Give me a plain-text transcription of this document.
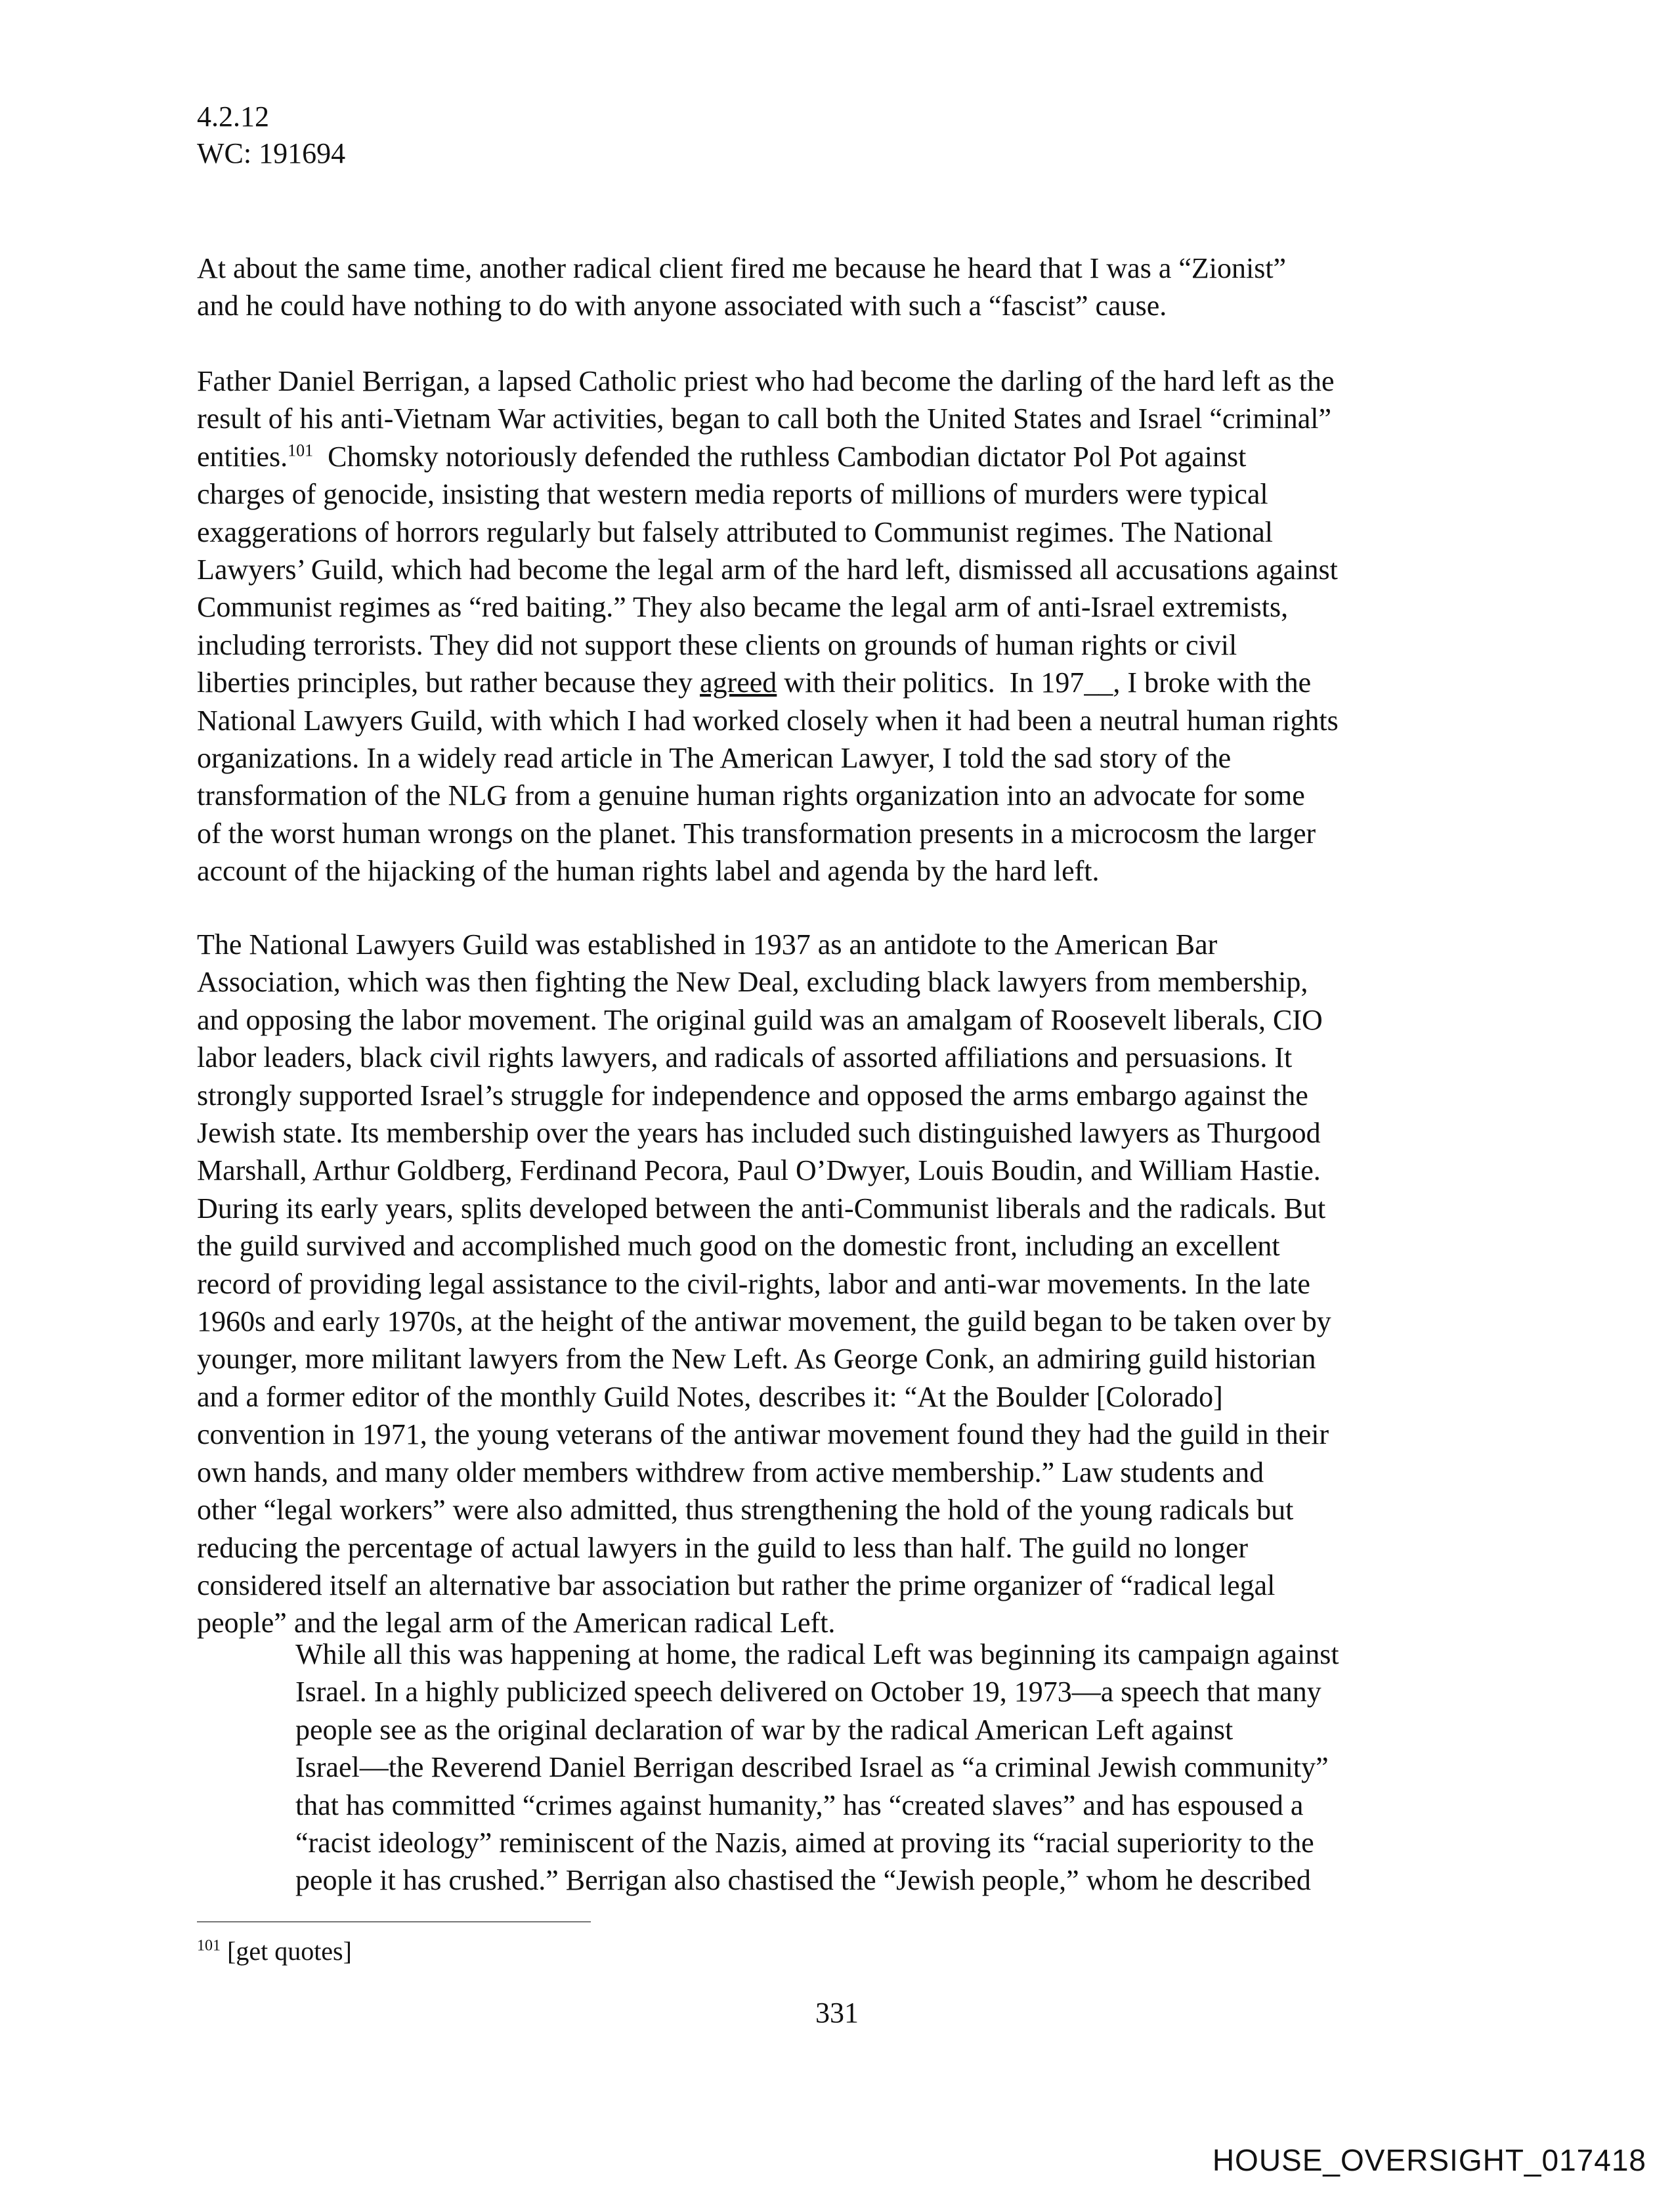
4.2.12
WC: 191694
At about the same time, another radical client fired me because he heard that I was a “Zionist”
and he could have nothing to do with anyone associated with such a “fascist” cause.
Father Daniel Berrigan, a lapsed Catholic priest who had become the darling of the hard left as the
result of his anti-Vietnam War activities, began to call both the United States and Israel “criminal”
entities.$^{101}$  Chomsky notoriously defended the ruthless Cambodian dictator Pol Pot against
charges of genocide, insisting that western media reports of millions of murders were typical
exaggerations of horrors regularly but falsely attributed to Communist regimes. The National
Lawyers’ Guild, which had become the legal arm of the hard left, dismissed all accusations against
Communist regimes as “red baiting.” They also became the legal arm of anti-Israel extremists,
including terrorists. They did not support these clients on grounds of human rights or civil
liberties principles, but rather because they agreed with their politics.  In 197__, I broke with the
National Lawyers Guild, with which I had worked closely when it had been a neutral human rights
organizations. In a widely read article in The American Lawyer, I told the sad story of the
transformation of the NLG from a genuine human rights organization into an advocate for some
of the worst human wrongs on the planet. This transformation presents in a microcosm the larger
account of the hijacking of the human rights label and agenda by the hard left.
The National Lawyers Guild was established in 1937 as an antidote to the American Bar
Association, which was then fighting the New Deal, excluding black lawyers from membership,
and opposing the labor movement. The original guild was an amalgam of Roosevelt liberals, CIO
labor leaders, black civil rights lawyers, and radicals of assorted affiliations and persuasions. It
strongly supported Israel’s struggle for independence and opposed the arms embargo against the
Jewish state. Its membership over the years has included such distinguished lawyers as Thurgood
Marshall, Arthur Goldberg, Ferdinand Pecora, Paul O’Dwyer, Louis Boudin, and William Hastie.
During its early years, splits developed between the anti-Communist liberals and the radicals. But
the guild survived and accomplished much good on the domestic front, including an excellent
record of providing legal assistance to the civil-rights, labor and anti-war movements. In the late
1960s and early 1970s, at the height of the antiwar movement, the guild began to be taken over by
younger, more militant lawyers from the New Left. As George Conk, an admiring guild historian
and a former editor of the monthly Guild Notes, describes it: “At the Boulder [Colorado]
convention in 1971, the young veterans of the antiwar movement found they had the guild in their
own hands, and many older members withdrew from active membership.” Law students and
other “legal workers” were also admitted, thus strengthening the hold of the young radicals but
reducing the percentage of actual lawyers in the guild to less than half. The guild no longer
considered itself an alternative bar association but rather the prime organizer of “radical legal
people” and the legal arm of the American radical Left.
While all this was happening at home, the radical Left was beginning its campaign against
Israel. In a highly publicized speech delivered on October 19, 1973—a speech that many
people see as the original declaration of war by the radical American Left against
Israel—the Reverend Daniel Berrigan described Israel as “a criminal Jewish community”
that has committed “crimes against humanity,” has “created slaves” and has espoused a
“racist ideology” reminiscent of the Nazis, aimed at proving its “racial superiority to the
people it has crushed.” Berrigan also chastised the “Jewish people,” whom he described
$^{101}$ [get quotes]
331
HOUSE_OVERSIGHT_017418
